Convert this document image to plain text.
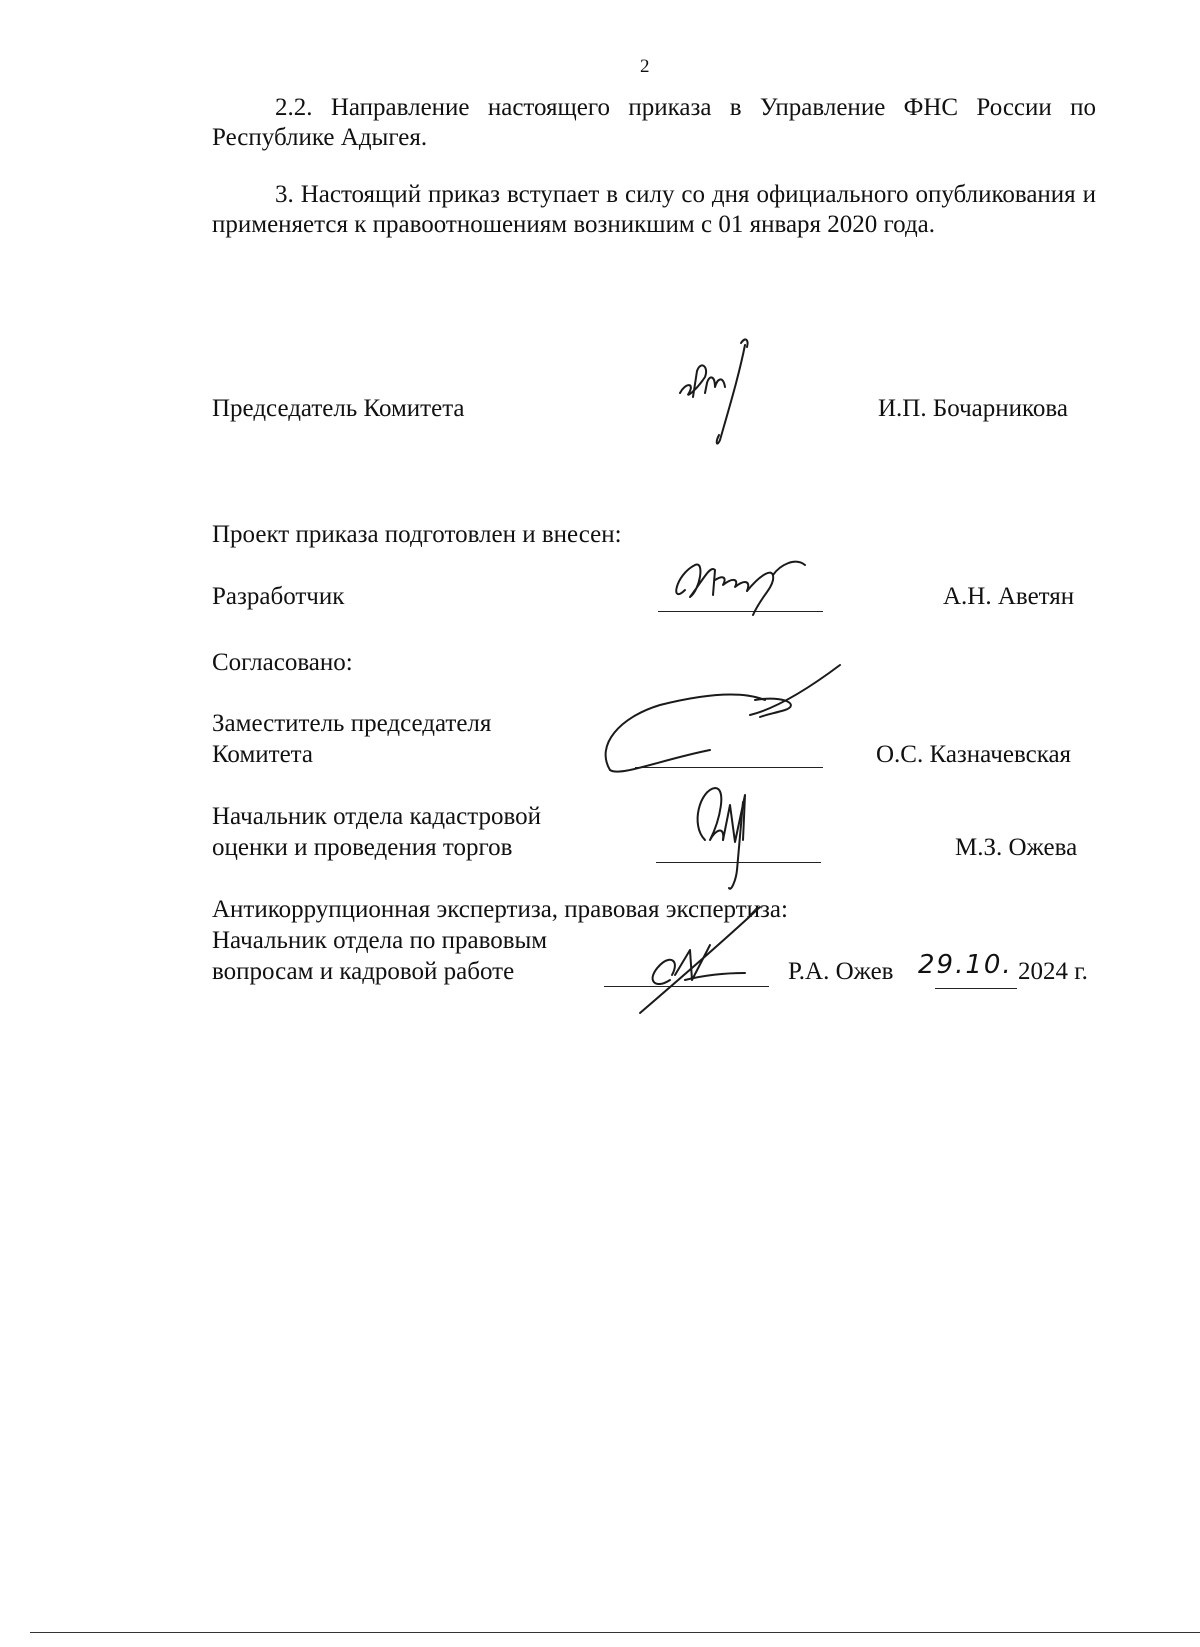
2

2.2. Направление настоящего приказа в Управление ФНС России по Республике Адыгея.

3. Настоящий приказ вступает в силу со дня официального опубликования и применяется к правоотношениям возникшим с 01 января 2020 года.

Председатель Комитета	И.П. Бочарникова
Проект приказа подготовлен и внесен:
Разработчик	А.Н. Аветян
Согласовано:
Заместитель председателя
Комитета	О.С. Казначевская
Начальник отдела кадастровой
оценки и проведения торгов	М.З. Ожева
Антикоррупционная экспертиза, правовая экспертиза:
Начальник отдела по правовым
вопросам и кадровой работе	Р.А. Ожев 29.10. 2024 г.
